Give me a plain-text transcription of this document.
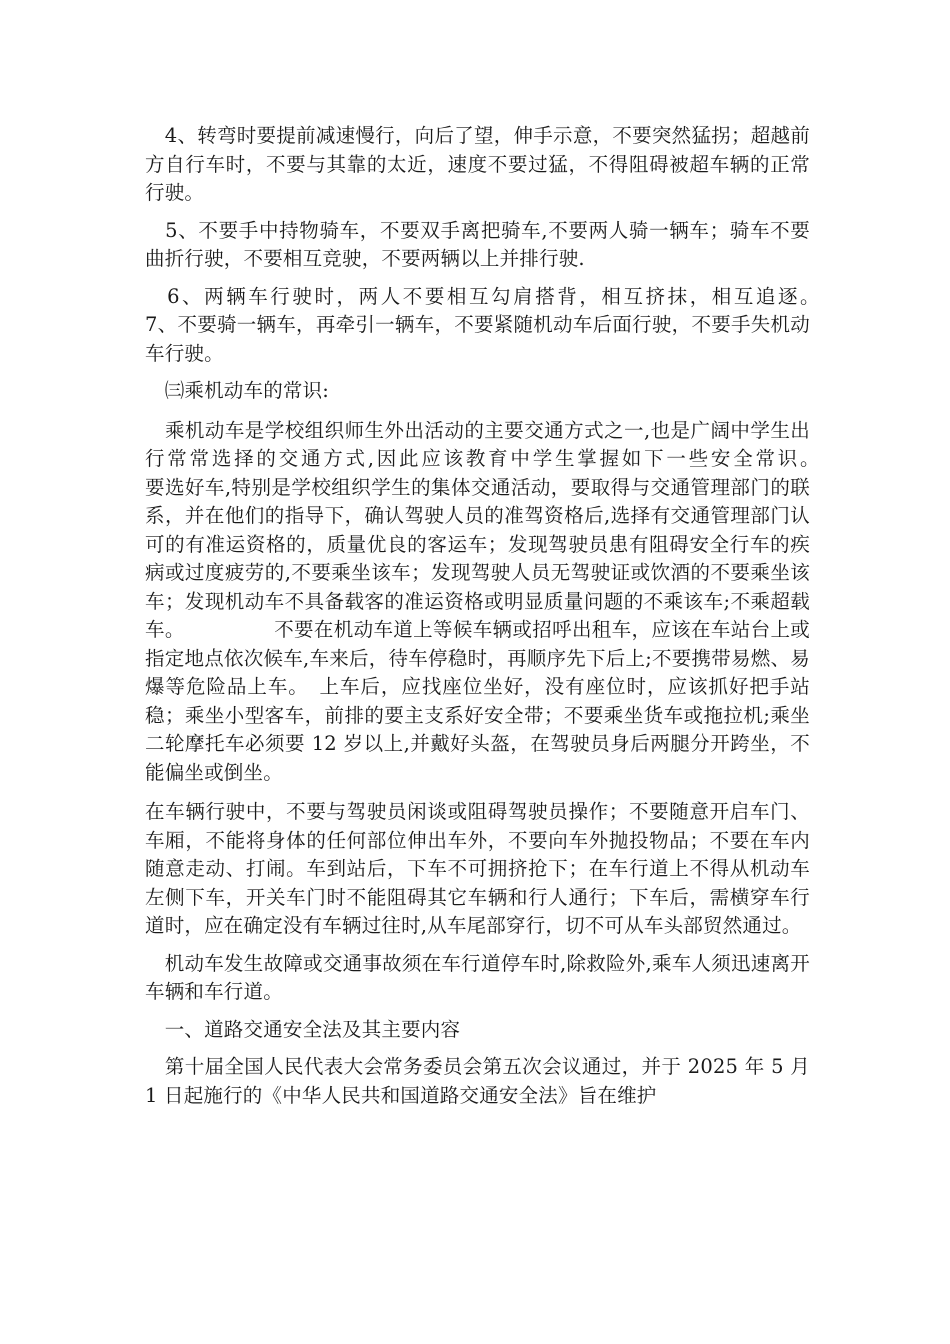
　4、转弯时要提前减速慢行，向后了望，伸手示意，不要突然猛拐；超越前方自行车时，不要与其靠的太近，速度不要过猛，不得阻碍被超车辆的正常行驶。

　5、不要手中持物骑车，不要双手离把骑车,不要两人骑一辆车；骑车不要曲折行驶，不要相互竞驶，不要两辆以上并排行驶.

　6、两辆车行驶时，两人不要相互勾肩搭背，相互挤抹，相互追逐。　　　　　7、不要骑一辆车，再牵引一辆车，不要紧随机动车后面行驶，不要手失机动车行驶。

　㈢乘机动车的常识:

　乘机动车是学校组织师生外出活动的主要交通方式之一,也是广阔中学生出行常常选择的交通方式,因此应该教育中学生掌握如下一些安全常识。　　　　　要选好车,特别是学校组织学生的集体交通活动，要取得与交通管理部门的联系，并在他们的指导下，确认驾驶人员的准驾资格后,选择有交通管理部门认可的有准运资格的，质量优良的客运车；发现驾驶员患有阻碍安全行车的疾病或过度疲劳的,不要乘坐该车；发现驾驶人员无驾驶证或饮酒的不要乘坐该车；发现机动车不具备载客的准运资格或明显质量问题的不乘该车;不乘超载车。　　　　　不要在机动车道上等候车辆或招呼出租车，应该在车站台上或指定地点依次候车,车来后，待车停稳时，再顺序先下后上;不要携带易燃、易爆等危险品上车。　上车后，应找座位坐好，没有座位时，应该抓好把手站稳；乘坐小型客车，前排的要主支系好安全带；不要乘坐货车或拖拉机;乘坐二轮摩托车必须要 12 岁以上,并戴好头盔，在驾驶员身后两腿分开跨坐，不能偏坐或倒坐。

在车辆行驶中，不要与驾驶员闲谈或阻碍驾驶员操作；不要随意开启车门、车厢，不能将身体的任何部位伸出车外，不要向车外抛投物品；不要在车内随意走动、打闹。车到站后，下车不可拥挤抢下；在车行道上不得从机动车左侧下车，开关车门时不能阻碍其它车辆和行人通行；下车后，需横穿车行道时，应在确定没有车辆过往时,从车尾部穿行，切不可从车头部贸然通过。

　机动车发生故障或交通事故须在车行道停车时,除救险外,乘车人须迅速离开车辆和车行道。

　一、道路交通安全法及其主要内容

　第十届全国人民代表大会常务委员会第五次会议通过，并于 2025 年 5 月 1 日起施行的《中华人民共和国道路交通安全法》旨在维护
